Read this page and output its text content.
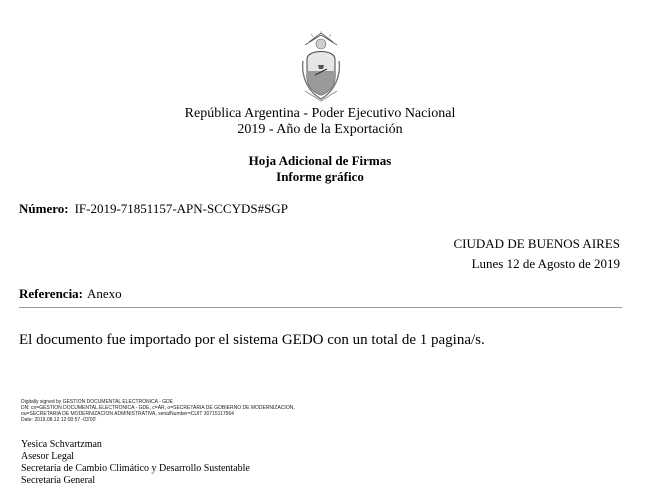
República Argentina - Poder Ejecutivo Nacional
2019 - Año de la Exportación
Hoja Adicional de Firmas
Informe gráfico
Número: IF-2019-71851157-APN-SCCYDS#SGP
CIUDAD DE BUENOS AIRES
Lunes 12 de Agosto de 2019
Referencia: Anexo
El documento fue importado por el sistema GEDO con un total de 1 pagina/s.
Digitally signed by GESTION DOCUMENTAL ELECTRONICA - GDE
DN: cn=GESTION DOCUMENTAL ELECTRONICA - GDE, c=AR, o=SECRETARIA DE GOBIERNO DE MODERNIZACION,
ou=SECRETARIA DE MODERNIZACION ADMINISTRATIVA, serialNumber=CUIT 30715117564
Date: 2019.08.12 12:00:57 -03'00'
Yesica Schvartzman
Asesor Legal
Secretaría de Cambio Climático y Desarrollo Sustentable
Secretaría General
